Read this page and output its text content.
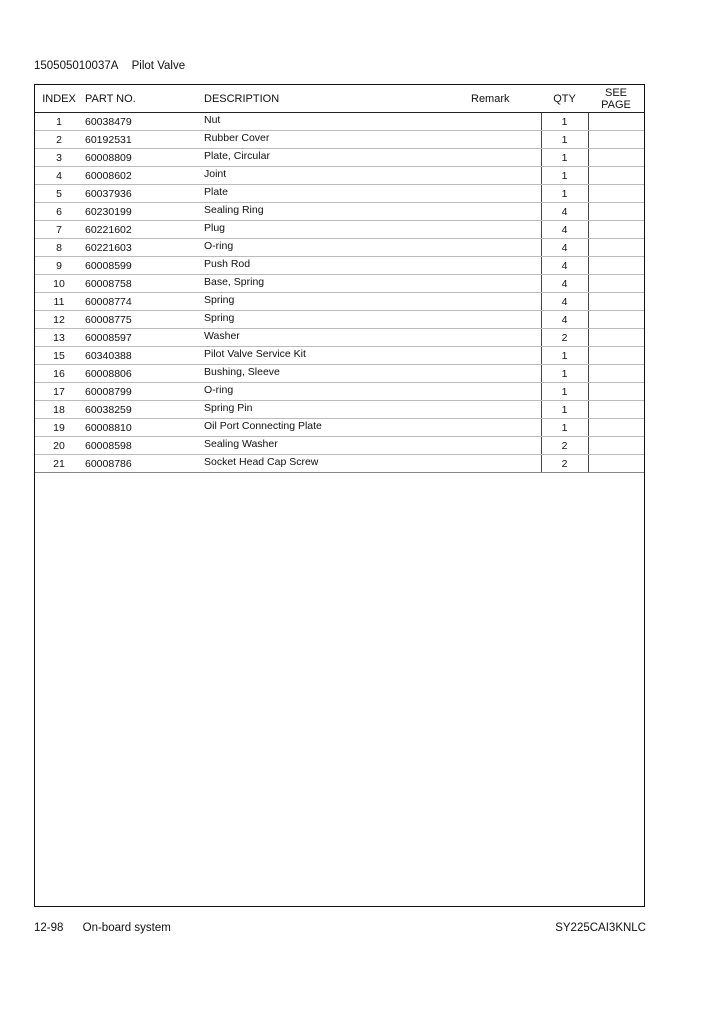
150505010037A Pilot Valve
INDEX	PART NO.	DESCRIPTION	Remark	QTY	SEE
PAGE
1	60038479	Nut		1	
2	60192531	Rubber Cover		1	
3	60008809	Plate, Circular		1	
4	60008602	Joint		1	
5	60037936	Plate		1	
6	60230199	Sealing Ring		4	
7	60221602	Plug		4	
8	60221603	O-ring		4	
9	60008599	Push Rod		4	
10	60008758	Base, Spring		4	
11	60008774	Spring		4	
12	60008775	Spring		4	
13	60008597	Washer		2	
15	60340388	Pilot Valve Service Kit		1	
16	60008806	Bushing, Sleeve		1	
17	60008799	O-ring		1	
18	60038259	Spring Pin		1	
19	60008810	Oil Port Connecting Plate		1	
20	60008598	Sealing Washer		2	
21	60008786	Socket Head Cap Screw		2	
12-98 On-board system	SY225CAI3KNLC
